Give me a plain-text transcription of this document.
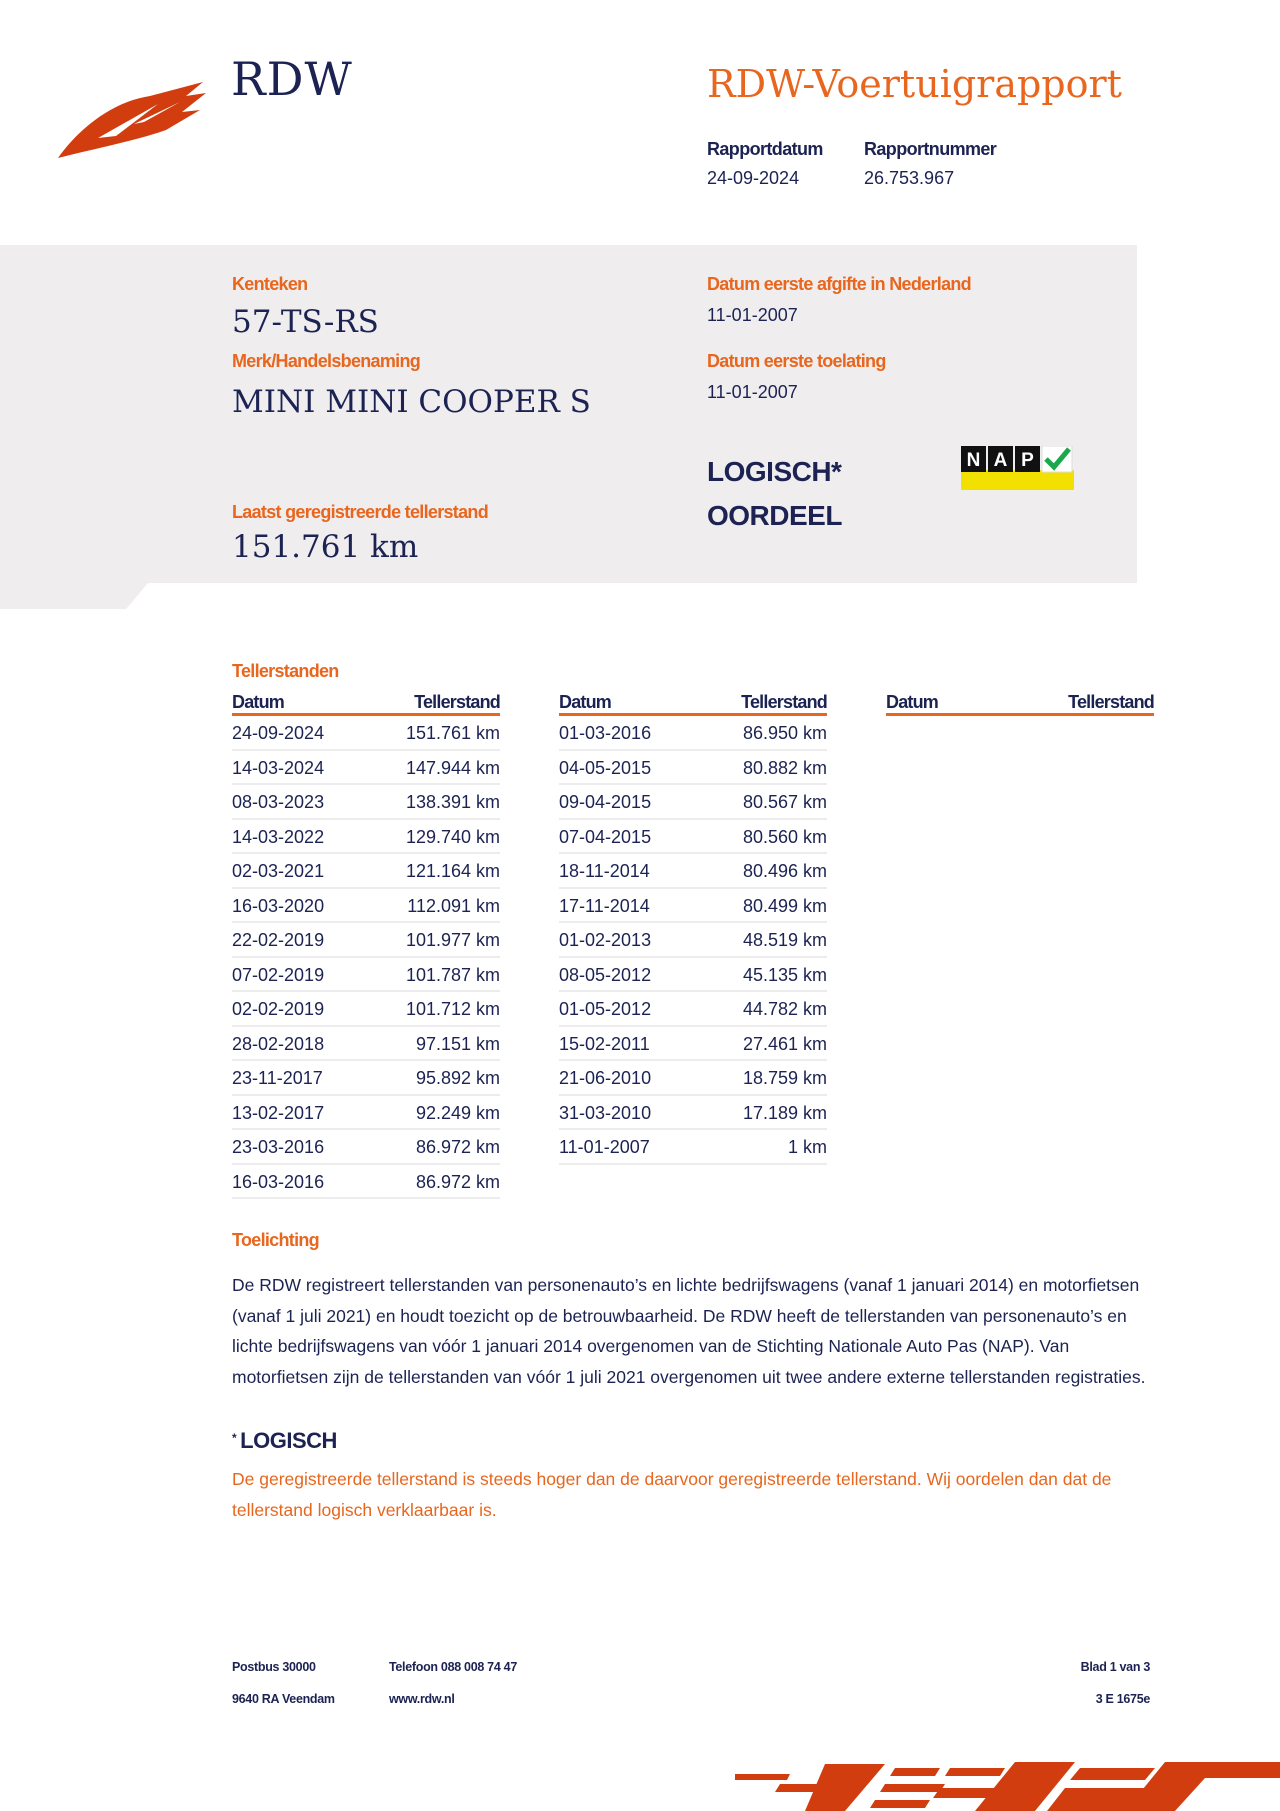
RDW	RDW-Voertuigrapport
Rapportdatum
24-09-2024
Rapportnummer
26.753.967
Kenteken
57-TS-RS
Merk/Handelsbenaming
MINI MINI COOPER S
Laatst geregistreerde tellerstand
151.761 km
Datum eerste afgifte in Nederland
11-01-2007
Datum eerste toelating
11-01-2007
LOGISCH*
OORDEEL
N A P
Tellerstanden
Datum	Tellerstand
24-09-2024	151.761 km
14-03-2024	147.944 km
08-03-2023	138.391 km
14-03-2022	129.740 km
02-03-2021	121.164 km
16-03-2020	112.091 km
22-02-2019	101.977 km
07-02-2019	101.787 km
02-02-2019	101.712 km
28-02-2018	97.151 km
23-11-2017	95.892 km
13-02-2017	92.249 km
23-03-2016	86.972 km
16-03-2016	86.972 km
Datum	Tellerstand
01-03-2016	86.950 km
04-05-2015	80.882 km
09-04-2015	80.567 km
07-04-2015	80.560 km
18-11-2014	80.496 km
17-11-2014	80.499 km
01-02-2013	48.519 km
08-05-2012	45.135 km
01-05-2012	44.782 km
15-02-2011	27.461 km
21-06-2010	18.759 km
31-03-2010	17.189 km
11-01-2007	1 km
Datum	Tellerstand
Toelichting
De RDW registreert tellerstanden van personenauto’s en lichte bedrijfswagens (vanaf 1 januari 2014) en motorfietsen (vanaf 1 juli 2021) en houdt toezicht op de betrouwbaarheid. De RDW heeft de tellerstanden van personenauto’s en lichte bedrijfswagens van vóór 1 januari 2014 overgenomen van de Stichting Nationale Auto Pas (NAP). Van motorfietsen zijn de tellerstanden van vóór 1 juli 2021 overgenomen uit twee andere externe tellerstanden registraties.
* LOGISCH
De geregistreerde tellerstand is steeds hoger dan de daarvoor geregistreerde tellerstand. Wij oordelen dan dat de tellerstand logisch verklaarbaar is.
Postbus 30000
9640 RA Veendam
Telefoon 088 008 74 47
www.rdw.nl
Blad 1 van 3
3 E 1675e
